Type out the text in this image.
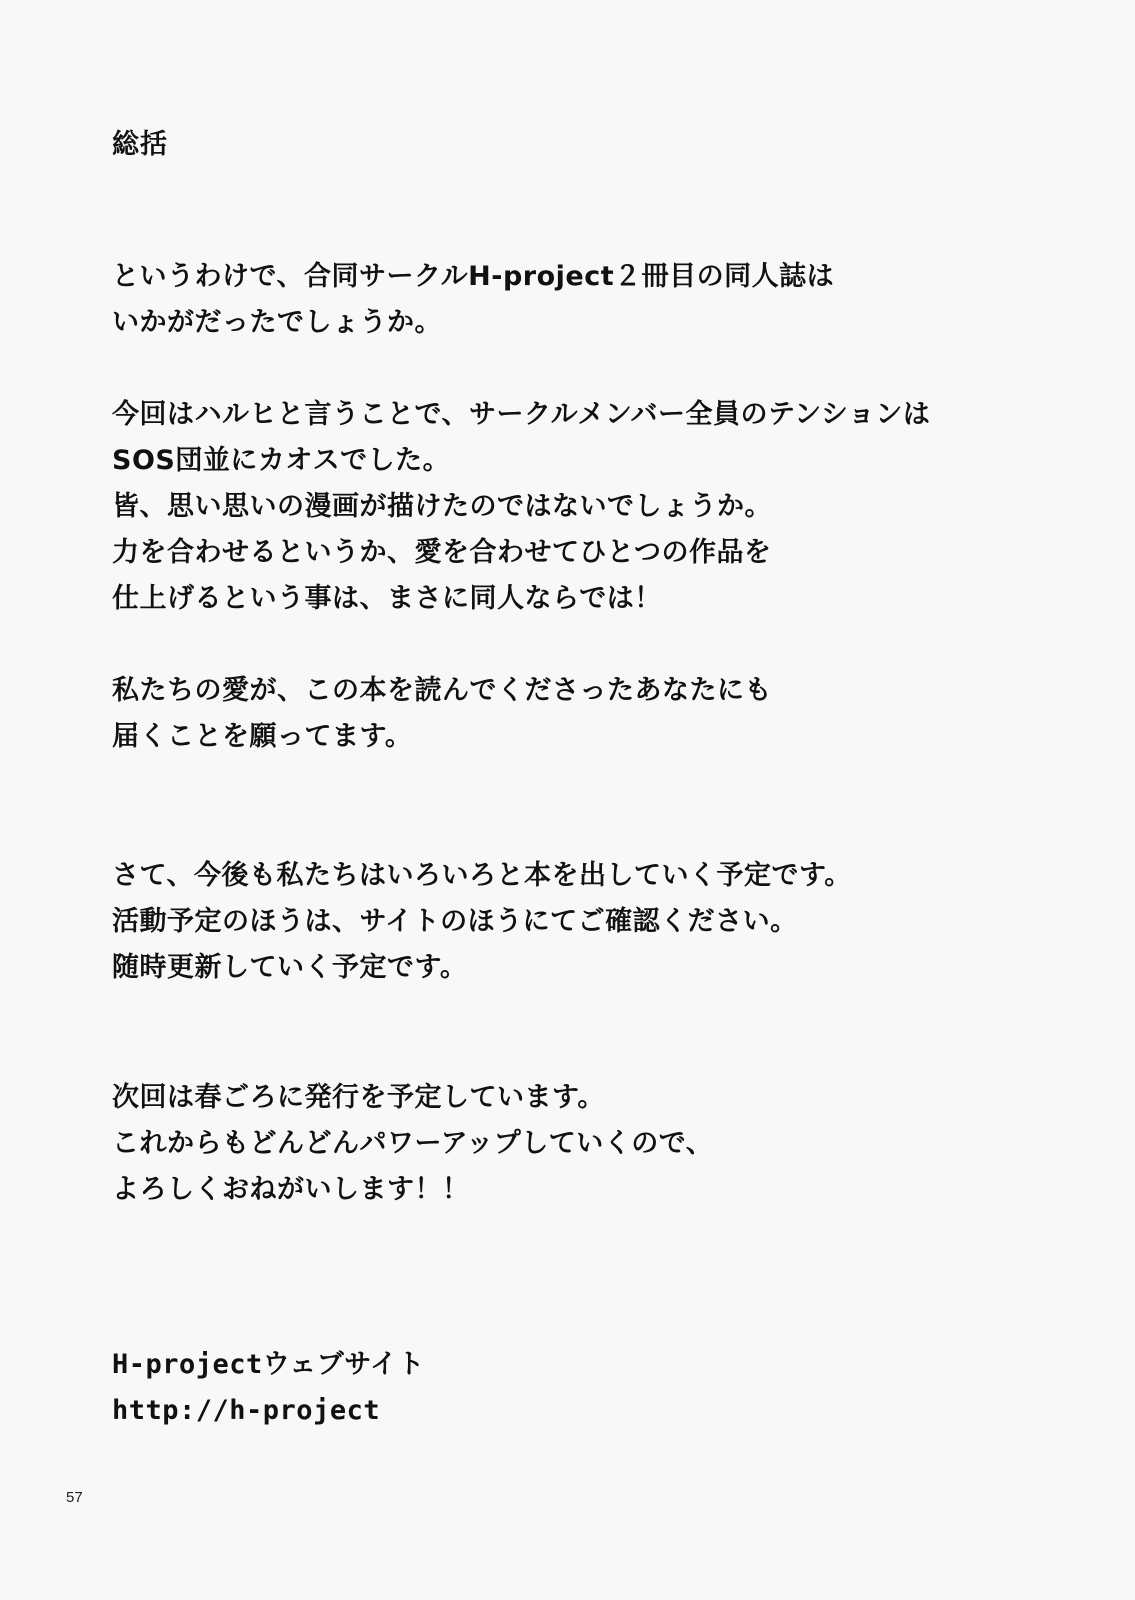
総括
というわけで、合同サークルH-project２冊目の同人誌は
いかがだったでしょうか。
今回はハルヒと言うことで、サークルメンバー全員のテンションは
SOS団並にカオスでした。
皆、思い思いの漫画が描けたのではないでしょうか。
力を合わせるというか、愛を合わせてひとつの作品を
仕上げるという事は、まさに同人ならでは！
私たちの愛が、この本を読んでくださったあなたにも
届くことを願ってます。
さて、今後も私たちはいろいろと本を出していく予定です。
活動予定のほうは、サイトのほうにてご確認ください。
随時更新していく予定です。
次回は春ごろに発行を予定しています。
これからもどんどんパワーアップしていくので、
よろしくおねがいします！！
H-projectウェブサイト
http://h-project
57
